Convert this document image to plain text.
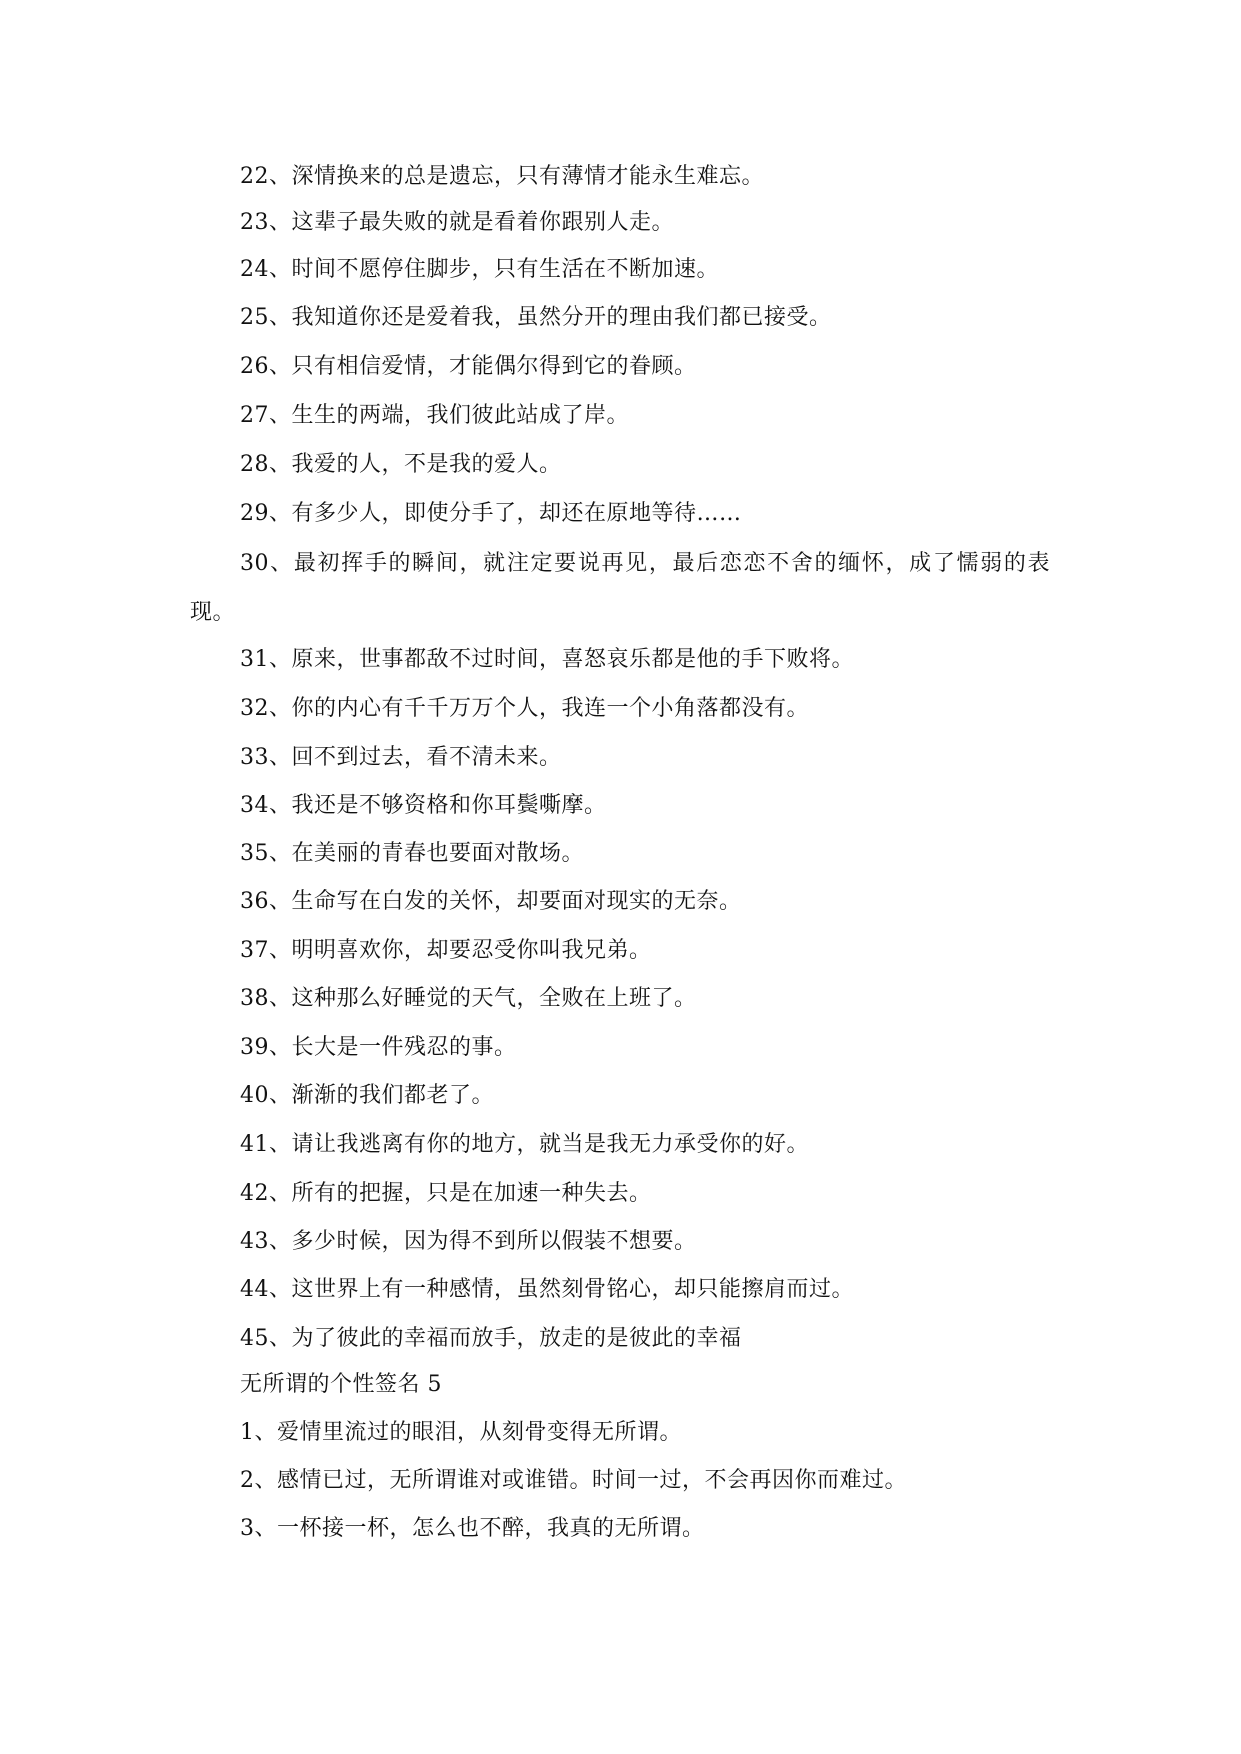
22、深情换来的总是遗忘，只有薄情才能永生难忘。
23、这辈子最失败的就是看着你跟别人走。
24、时间不愿停住脚步，只有生活在不断加速。
25、我知道你还是爱着我，虽然分开的理由我们都已接受。
26、只有相信爱情，才能偶尔得到它的眷顾。
27、生生的两端，我们彼此站成了岸。
28、我爱的人，不是我的爱人。
29、有多少人，即使分手了，却还在原地等待……
30、最初挥手的瞬间，就注定要说再见，最后恋恋不舍的缅怀，成了懦弱的表现。
31、原来，世事都敌不过时间，喜怒哀乐都是他的手下败将。
32、你的内心有千千万万个人，我连一个小角落都没有。
33、回不到过去，看不清未来。
34、我还是不够资格和你耳鬓嘶摩。
35、在美丽的青春也要面对散场。
36、生命写在白发的关怀，却要面对现实的无奈。
37、明明喜欢你，却要忍受你叫我兄弟。
38、这种那么好睡觉的天气，全败在上班了。
39、长大是一件残忍的事。
40、渐渐的我们都老了。
41、请让我逃离有你的地方，就当是我无力承受你的好。
42、所有的把握，只是在加速一种失去。
43、多少时候，因为得不到所以假装不想要。
44、这世界上有一种感情，虽然刻骨铭心，却只能擦肩而过。
45、为了彼此的幸福而放手，放走的是彼此的幸福
无所谓的个性签名 5
1、爱情里流过的眼泪，从刻骨变得无所谓。
2、感情已过，无所谓谁对或谁错。时间一过，不会再因你而难过。
3、一杯接一杯，怎么也不醉，我真的无所谓。
